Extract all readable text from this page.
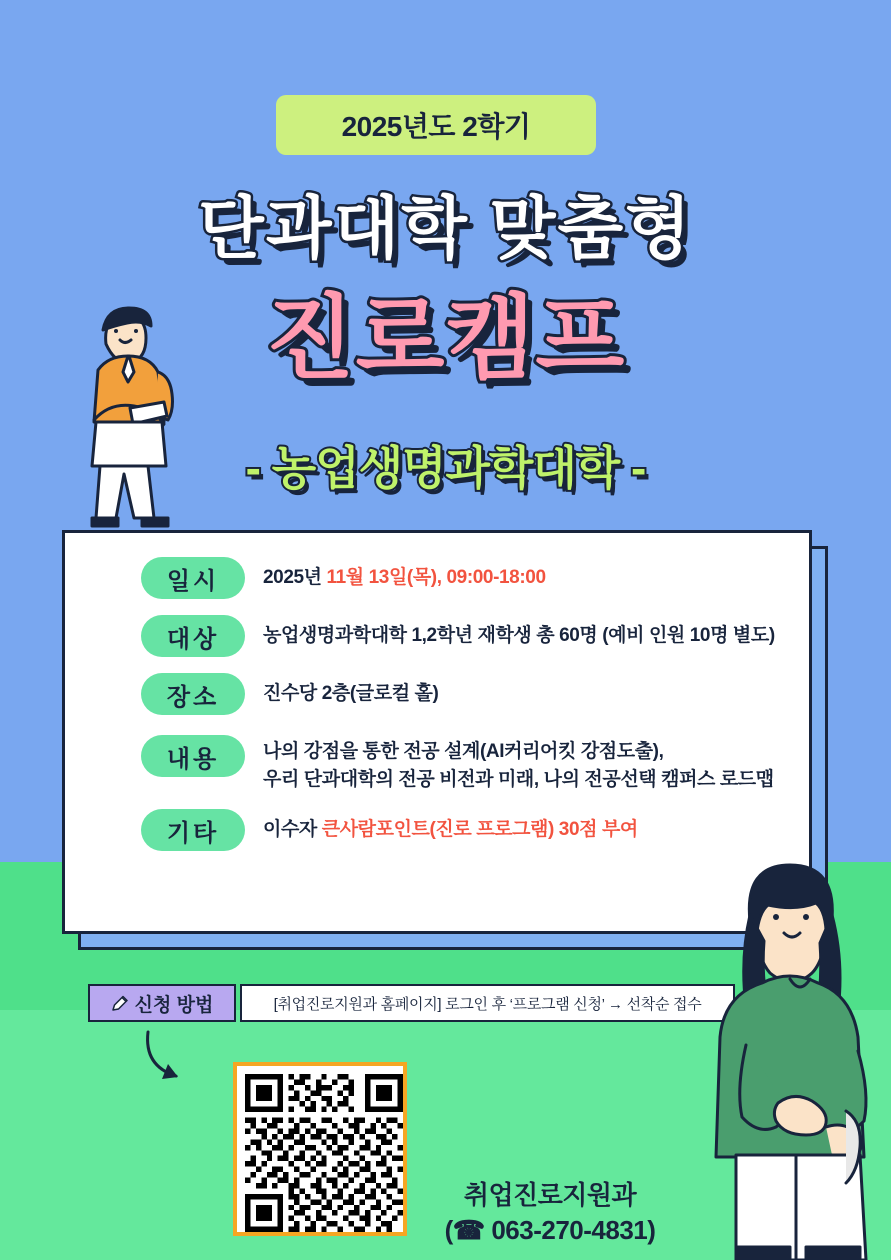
2025년도 2학기
단과대학 맞춤형
진로캠프
- 농업생명과학대학 -
일시	2025년 11월 13일(목), 09:00-18:00
대상	농업생명과학대학 1,2학년 재학생 총 60명 (예비 인원 10명 별도)
장소	진수당 2층(글로컬 홀)
내용	나의 강점을 통한 전공 설계(AI커리어킷 강점도출),
우리 단과대학의 전공 비전과 미래, 나의 전공선택 캠퍼스 로드맵
기타	이수자 큰사람포인트(진로 프로그램) 30점 부여
신청 방법	[취업진로지원과 홈페이지] 로그인 후 ‘프로그램 신청’ → 선착순 접수
취업진로지원과
(☎ 063-270-4831)
